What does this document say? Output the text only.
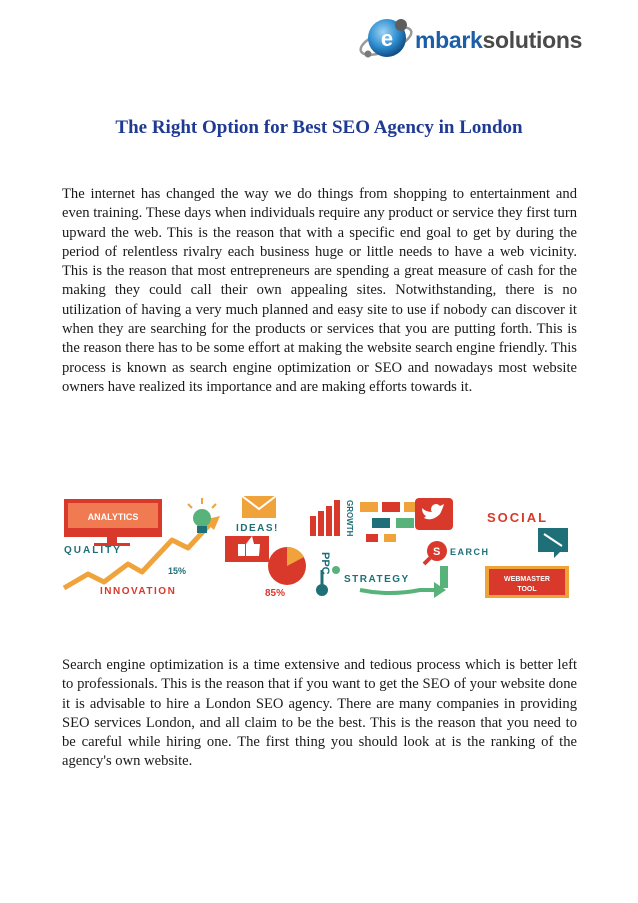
e mbarksolutions
The Right Option for Best SEO Agency in London

The internet has changed the way we do things from shopping to entertainment and even training. These days when individuals require any product or service they first turn upward the web. This is the reason that with a specific end goal to get by during the period of relentless rivalry each business huge or little needs to have a web vicinity. This is the reason that most entrepreneurs are spending a great measure of cash for the making they could call their own appealing sites. Notwithstanding, there is no utilization of having a very much planned and easy site to use if nobody can discover it when they are searching for the products or services that you are putting forth. This is the reason there has to be some effort at making the website search engine friendly. This process is known as search engine optimization or SEO and nowadays most website owners have realized its importance and are making efforts towards it.

ANALYTICS
QUALITY
INNOVATION
15%
IDEAS!
85%
PPC
GROWTH
STRATEGY
SOCIAL
S EARCH
WEBMASTER
TOOL

Search engine optimization is a time extensive and tedious process which is better left to professionals. This is the reason that if you want to get the SEO of your website done it is advisable to hire a London SEO agency. There are many companies in providing SEO services London, and all claim to be the best. This is the reason that you need to be careful while hiring one. The first thing you should look at is the ranking of the agency's own website.
